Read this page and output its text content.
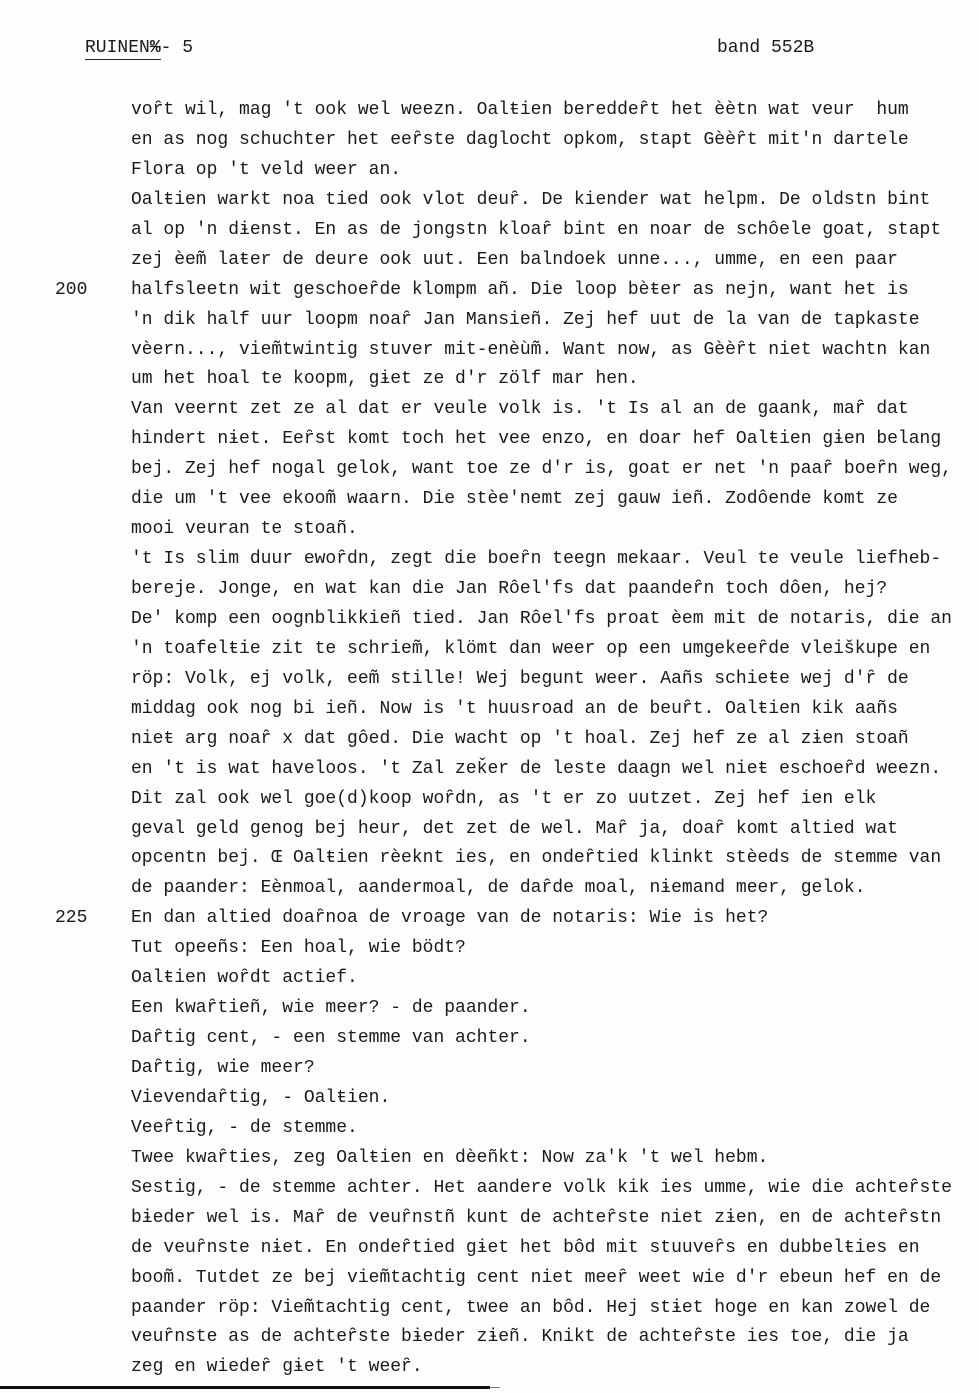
RUINEN%- 5	band 552B
voȓt wil, mag 't ook wel weezn. Oalŧien bereddeȓt het èètn wat veur  hum
en as nog schuchter het eeȓste daglocht opkom, stapt Gèèȓt mit'n dartele
Flora op 't veld weer an.
Oalŧien warkt noa tied ook vlot deuȓ. De kiender wat helpm. De oldstn bint
al op 'n dɨenst. En as de jongstn kloaȓ bint en noar de schôele goat, stapt
zej èem̃ laŧer de deure ook uut. Een balndoek unne..., umme, en een paar
200 halfsleetn wit geschoeȓde klompm añ. Die loop bèŧer as nejn, want het is
'n dik half uur loopm noaȓ Jan Mansieñ. Zej hef uut de la van de tapkaste
vèern..., viem̃twintig stuver mit-enèùm̃. Want now, as Gèèȓt niet wachtn kan
um het hoal te koopm, gɨet ze d'r zölf mar hen.
Van veernt zet ze al dat er veule volk is. 't Is al an de gaank, maȓ dat
hindert nɨet. Eeȓst komt toch het vee enzo, en doar hef Oalŧien gɨen belang
bej. Zej hef nogal gelok, want toe ze d'r is, goat er net 'n paaȓ boeȓn weg,
die um 't vee ekoom̃ waarn. Die stèe'nemt zej gauw ieñ. Zodôende komt ze
mooi veuran te stoañ.
't Is slim duur ewoȓdn, zegt die boeȓn teegn mekaar. Veul te veule liefheb-
bereje. Jonge, en wat kan die Jan Rôel'fs dat paandeȓn toch dôen, hej?
De' komp een oognblikkieñ tied. Jan Rôel'fs proat èem mit de notaris, die an
'n toafelŧie zit te schriem̃, klömt dan weer op een umgekeeȓde vleiškupe en
röp: Volk, ej volk, eem̃ stille! Wej begunt weer. Aañs schieŧe wej d'ȓ de
middag ook nog bi ieñ. Now is 't huusroad an de beuȓt. Oalŧien kik aañs
nieŧ arg noaȓ x dat gôed. Die wacht op 't hoal. Zej hef ze al zɨen stoañ
en 't is wat haveloos. 't Zal zeǩer de leste daagn wel nieŧ eschoeȓd weezn.
Dit zal ook wel goe(d)koop woȓdn, as 't er zo uutzet. Zej hef ien elk
geval geld genog bej heur, det zet de wel. Maȓ ja, doaȓ komt altied wat
opcentn bej. Œ Oalŧien rèeknt ies, en ondeȓtied klinkt stèeds de stemme van
de paander: Eènmoal, aandermoal, de daȓde moal, nɨemand meer, gelok.
225 En dan altied doaȓnoa de vroage van de notaris: Wie is het?
Tut opeeñs: Een hoal, wie bödt?
Oalŧien woȓdt actief.
Een kwaȓtieñ, wie meer? - de paander.
Daȓtig cent, - een stemme van achter.
Daȓtig, wie meer?
Vievendaȓtig, - Oalŧien.
Veeȓtig, - de stemme.
Twee kwaȓties, zeg Oalŧien en dèeñkt: Now za'k 't wel hebm.
Sestig, - de stemme achter. Het aandere volk kik ies umme, wie die achteȓste
bɨeder wel is. Maȓ de veuȓnstñ kunt de achteȓste niet zɨen, en de achteȓstn
de veuȓnste nɨet. En ondeȓtied gɨet het bôd mit stuuveȓs en dubbelŧies en
boom̃. Tutdet ze bej viem̃tachtig cent niet meeȓ weet wie d'r ebeun hef en de
paander röp: Viem̃tachtig cent, twee an bôd. Hej stɨet hoge en kan zowel de
veuȓnste as de achteȓste bɨeder zɨeñ. Knikt de achteȓste ies toe, die ja
zeg en wiedeȓ gɨet 't weeȓ.
